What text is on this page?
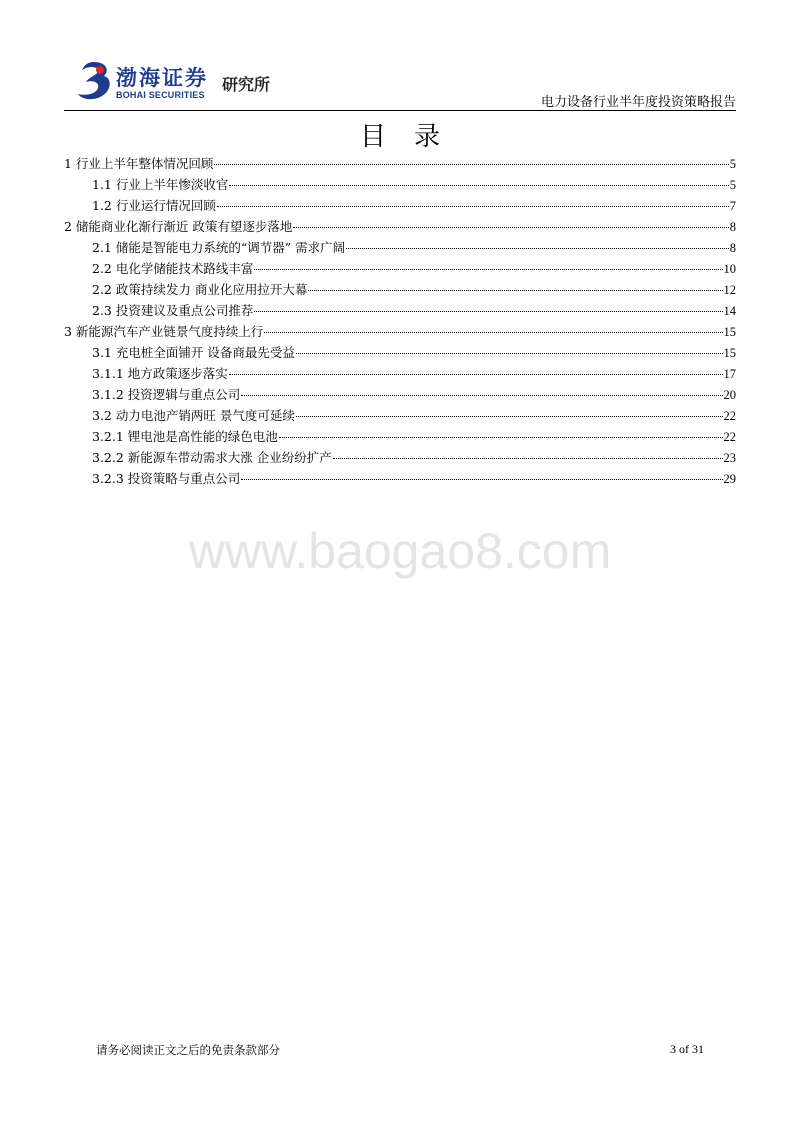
渤海证券
BOHAI SECURITIES
研究所
电力设备行业半年度投资策略报告
目录
1 行业上半年整体情况回顾	5
1.1 行业上半年惨淡收官	5
1.2 行业运行情况回顾	7
2 储能商业化渐行渐近 政策有望逐步落地	8
2.1 储能是智能电力系统的“调节器” 需求广阔	8
2.2 电化学储能技术路线丰富	10
2.2 政策持续发力 商业化应用拉开大幕	12
2.3 投资建议及重点公司推荐	14
3 新能源汽车产业链景气度持续上行	15
3.1 充电桩全面铺开 设备商最先受益	15
3.1.1 地方政策逐步落实	17
3.1.2 投资逻辑与重点公司	20
3.2 动力电池产销两旺 景气度可延续	22
3.2.1 锂电池是高性能的绿色电池	22
3.2.2 新能源车带动需求大涨 企业纷纷扩产	23
3.2.3 投资策略与重点公司	29
www.baogao8.com
请务必阅读正文之后的免责条款部分	3 of 31
